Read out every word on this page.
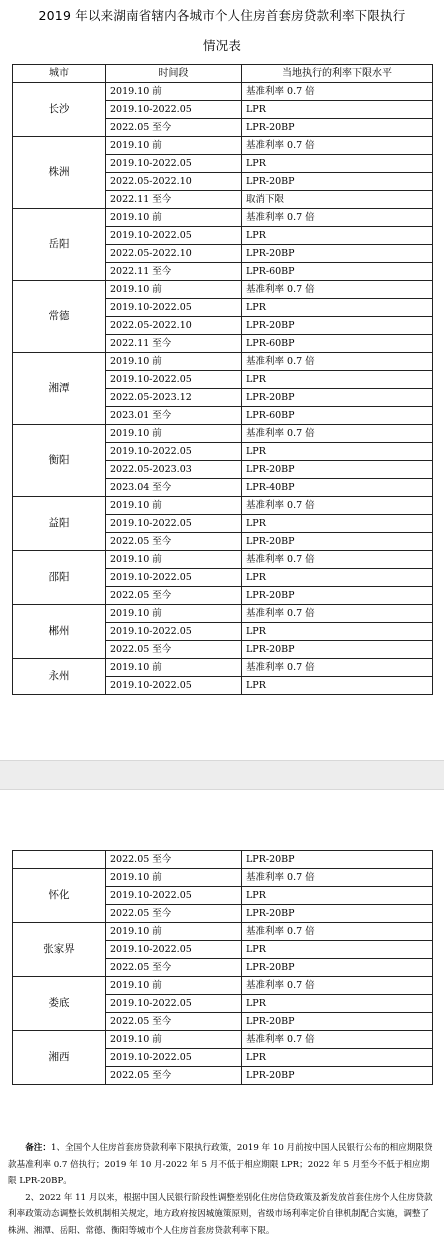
2019 年以来湖南省辖内各城市个人住房首套房贷款利率下限执行
情况表
城市	时间段	当地执行的利率下限水平
长沙	2019.10 前	基准利率 0.7 倍
	2019.10-2022.05	LPR
	2022.05 至今	LPR-20BP
株洲	2019.10 前	基准利率 0.7 倍
	2019.10-2022.05	LPR
	2022.05-2022.10	LPR-20BP
	2022.11 至今	取消下限
岳阳	2019.10 前	基准利率 0.7 倍
	2019.10-2022.05	LPR
	2022.05-2022.10	LPR-20BP
	2022.11 至今	LPR-60BP
常德	2019.10 前	基准利率 0.7 倍
	2019.10-2022.05	LPR
	2022.05-2022.10	LPR-20BP
	2022.11 至今	LPR-60BP
湘潭	2019.10 前	基准利率 0.7 倍
	2019.10-2022.05	LPR
	2022.05-2023.12	LPR-20BP
	2023.01 至今	LPR-60BP
衡阳	2019.10 前	基准利率 0.7 倍
	2019.10-2022.05	LPR
	2022.05-2023.03	LPR-20BP
	2023.04 至今	LPR-40BP
益阳	2019.10 前	基准利率 0.7 倍
	2019.10-2022.05	LPR
	2022.05 至今	LPR-20BP
邵阳	2019.10 前	基准利率 0.7 倍
	2019.10-2022.05	LPR
	2022.05 至今	LPR-20BP
郴州	2019.10 前	基准利率 0.7 倍
	2019.10-2022.05	LPR
	2022.05 至今	LPR-20BP
永州	2019.10 前	基准利率 0.7 倍
	2019.10-2022.05	LPR
	2022.05 至今	LPR-20BP
怀化	2019.10 前	基准利率 0.7 倍
	2019.10-2022.05	LPR
	2022.05 至今	LPR-20BP
张家界	2019.10 前	基准利率 0.7 倍
	2019.10-2022.05	LPR
	2022.05 至今	LPR-20BP
娄底	2019.10 前	基准利率 0.7 倍
	2019.10-2022.05	LPR
	2022.05 至今	LPR-20BP
湘西	2019.10 前	基准利率 0.7 倍
	2019.10-2022.05	LPR
	2022.05 至今	LPR-20BP

备注：1、全国个人住房首套房贷款利率下限执行政策，2019 年 10 月前按中国人民银行公布的相应期限贷款基准利率 0.7 倍执行；2019 年 10 月-2022 年 5 月不低于相应期限 LPR；2022 年 5 月至今不低于相应期限 LPR-20BP。

2、2022 年 11 月以来，根据中国人民银行阶段性调整差别化住房信贷政策及新发放首套住房个人住房贷款利率政策动态调整长效机制相关规定，地方政府按因城施策原则，省级市场利率定价自律机制配合实施，调整了株洲、湘潭、岳阳、常德、衡阳等城市个人住房首套房贷款利率下限。
